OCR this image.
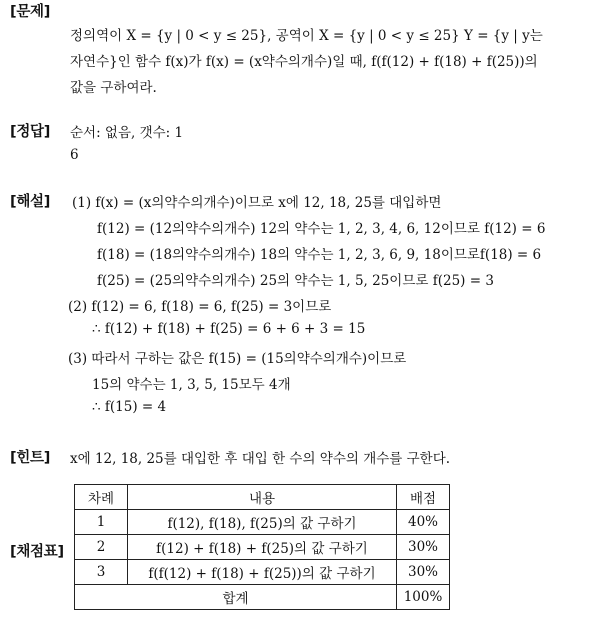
[문제]
정의역이 X = {y | 0 < y ≤ 25}, 공역이 X = {y | 0 < y ≤ 25} Y = {y | y는
자연수}인 함수 f(x)가 f(x) = (x약수의개수)일 때, f(f(12) + f(18) + f(25))의
값을 구하여라.
[정답] 순서: 없음, 갯수: 1
6
[해설] (1) f(x) = (x의약수의개수)이므로 x에 12, 18, 25를 대입하면
f(12) = (12의약수의개수) 12의 약수는 1, 2, 3, 4, 6, 12이므로 f(12) = 6
f(18) = (18의약수의개수) 18의 약수는 1, 2, 3, 6, 9, 18이므로f(18) = 6
f(25) = (25의약수의개수) 25의 약수는 1, 5, 25이므로 f(25) = 3
(2) f(12) = 6, f(18) = 6, f(25) = 3이므로
∴ f(12) + f(18) + f(25) = 6 + 6 + 3 = 15
(3) 따라서 구하는 값은 f(15) = (15의약수의개수)이므로
15의 약수는 1, 3, 5, 15모두 4개
∴ f(15) = 4
[힌트] x에 12, 18, 25를 대입한 후 대입 한 수의 약수의 개수를 구한다.
[채점표]
차례	내용	배점
1	f(12), f(18), f(25)의 값 구하기	40%
2	f(12) + f(18) + f(25)의 값 구하기	30%
3	f(f(12) + f(18) + f(25))의 값 구하기	30%
합계		100%
